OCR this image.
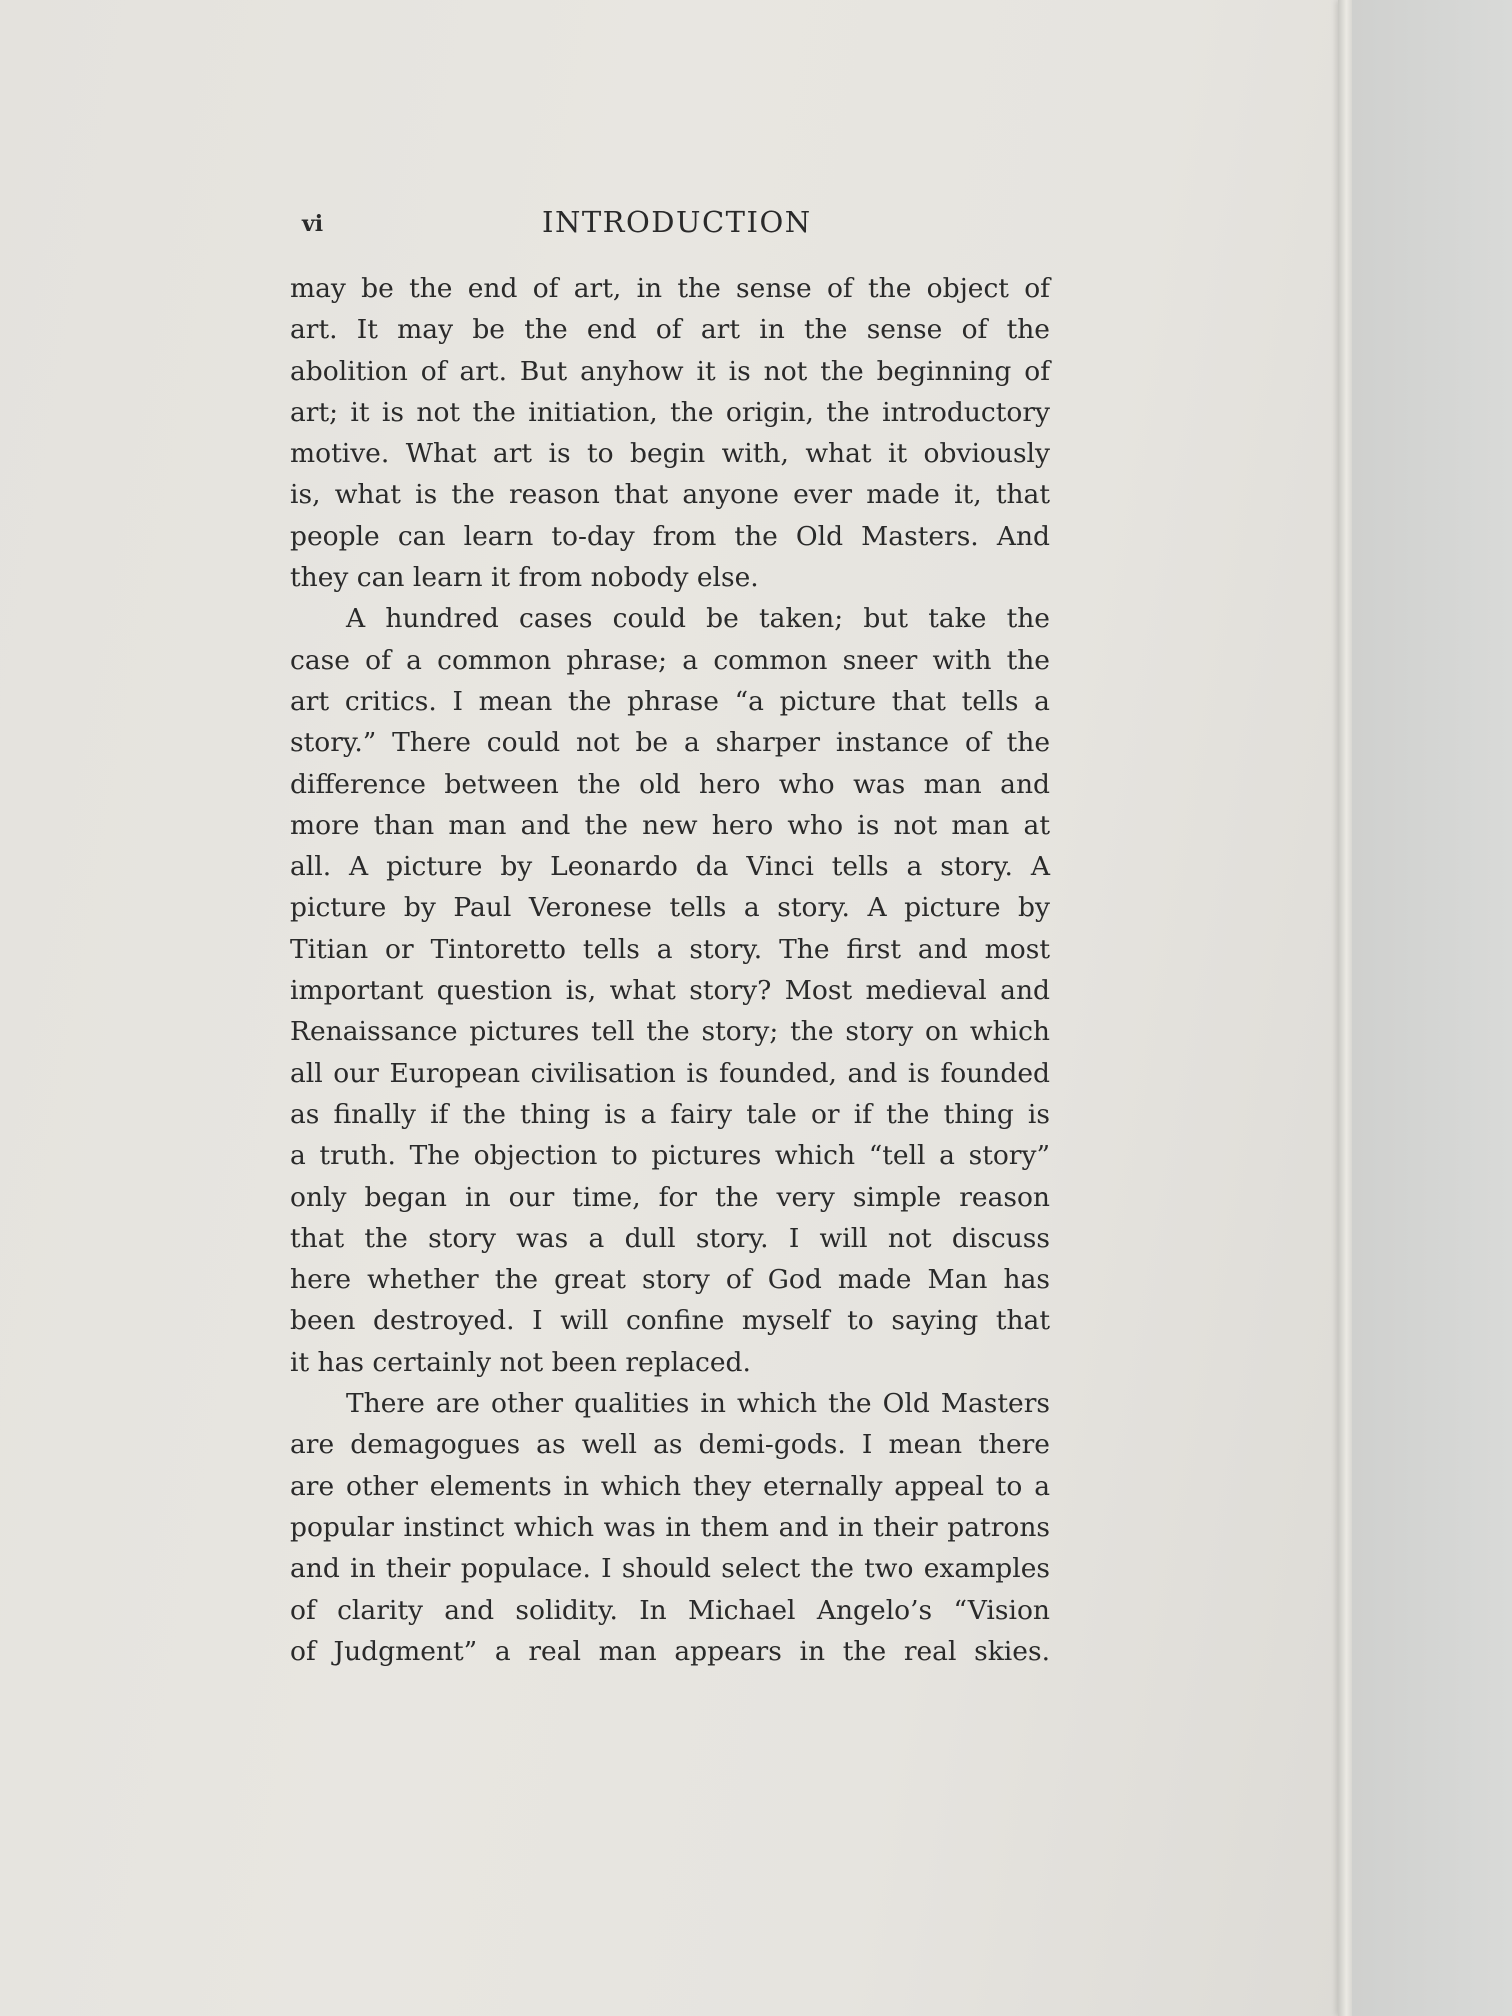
vi	INTRODUCTION
may be the end of art, in the sense of the object of
art. It may be the end of art in the sense of the
abolition of art. But anyhow it is not the beginning of
art; it is not the initiation, the origin, the introductory
motive. What art is to begin with, what it obviously
is, what is the reason that anyone ever made it, that
people can learn to-day from the Old Masters. And
they can learn it from nobody else.
A hundred cases could be taken; but take the
case of a common phrase; a common sneer with the
art critics. I mean the phrase “a picture that tells a
story.” There could not be a sharper instance of the
difference between the old hero who was man and
more than man and the new hero who is not man at
all. A picture by Leonardo da Vinci tells a story. A
picture by Paul Veronese tells a story. A picture by
Titian or Tintoretto tells a story. The first and most
important question is, what story? Most medieval and
Renaissance pictures tell the story; the story on which
all our European civilisation is founded, and is founded
as finally if the thing is a fairy tale or if the thing is
a truth. The objection to pictures which “tell a story”
only began in our time, for the very simple reason
that the story was a dull story. I will not discuss
here whether the great story of God made Man has
been destroyed. I will confine myself to saying that
it has certainly not been replaced.
There are other qualities in which the Old Masters
are demagogues as well as demi-gods. I mean there
are other elements in which they eternally appeal to a
popular instinct which was in them and in their patrons
and in their populace. I should select the two examples
of clarity and solidity. In Michael Angelo’s “Vision
of Judgment” a real man appears in the real skies.
